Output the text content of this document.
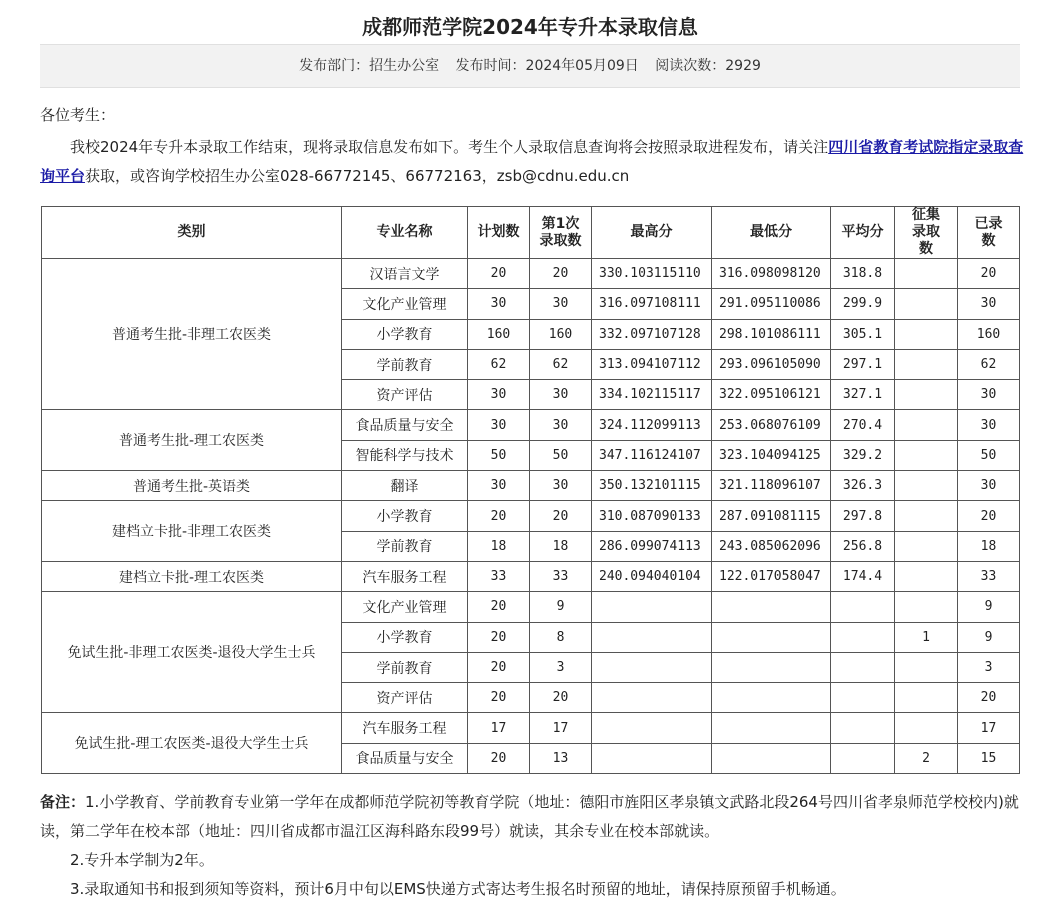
成都师范学院2024年专升本录取信息
发布部门：招生办公室 发布时间：2024年05月09日 阅读次数：2929
各位考生：
我校2024年专升本录取工作结束，现将录取信息发布如下。考生个人录取信息查询将会按照录取进程发布，请关注四川省教育考试院指定录取查询平台获取，或咨询学校招生办公室028-66772145、66772163，zsb@cdnu.edu.cn
类别	专业名称	计划数	第1次录取数	最高分	最低分	平均分	征集录取数	已录数
普通考生批-非理工农医类	汉语言文学	20	20	330.103115110	316.098098120	318.8		20
	文化产业管理	30	30	316.097108111	291.095110086	299.9		30
	小学教育	160	160	332.097107128	298.101086111	305.1		160
	学前教育	62	62	313.094107112	293.096105090	297.1		62
	资产评估	30	30	334.102115117	322.095106121	327.1		30
普通考生批-理工农医类	食品质量与安全	30	30	324.112099113	253.068076109	270.4		30
	智能科学与技术	50	50	347.116124107	323.104094125	329.2		50
普通考生批-英语类	翻译	30	30	350.132101115	321.118096107	326.3		30
建档立卡批-非理工农医类	小学教育	20	20	310.087090133	287.091081115	297.8		20
	学前教育	18	18	286.099074113	243.085062096	256.8		18
建档立卡批-理工农医类	汽车服务工程	33	33	240.094040104	122.017058047	174.4		33
免试生批-非理工农医类-退役大学生士兵	文化产业管理	20	9					9
	小学教育	20	8				1	9
	学前教育	20	3					3
	资产评估	20	20					20
免试生批-理工农医类-退役大学生士兵	汽车服务工程	17	17					17
	食品质量与安全	20	13				2	15

备注：1.小学教育、学前教育专业第一学年在成都师范学院初等教育学院（地址：德阳市旌阳区孝泉镇文武路北段264号四川省孝泉师范学校校内)就读，第二学年在校本部（地址：四川省成都市温江区海科路东段99号）就读，其余专业在校本部就读。

2.专升本学制为2年。

3.录取通知书和报到须知等资料，预计6月中旬以EMS快递方式寄达考生报名时预留的地址，请保持原预留手机畅通。
